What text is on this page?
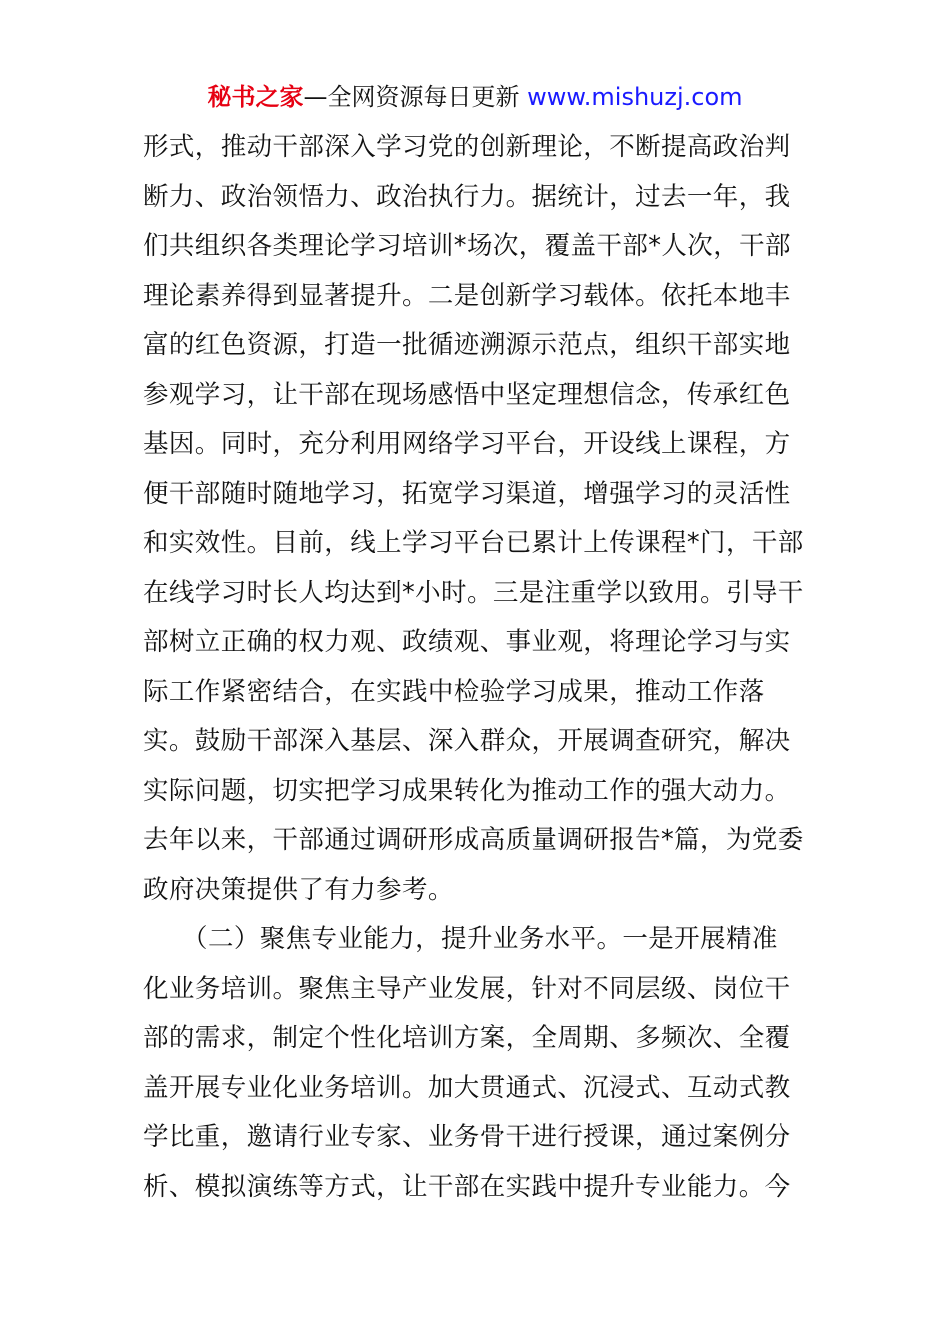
秘书之家—全网资源每日更新 www.mishuzj.com
形式，推动干部深入学习党的创新理论，不断提高政治判
断力、政治领悟力、政治执行力。据统计，过去一年，我
们共组织各类理论学习培训*场次，覆盖干部*人次，干部
理论素养得到显著提升。二是创新学习载体。依托本地丰
富的红色资源，打造一批循迹溯源示范点，组织干部实地
参观学习，让干部在现场感悟中坚定理想信念，传承红色
基因。同时，充分利用网络学习平台，开设线上课程，方
便干部随时随地学习，拓宽学习渠道，增强学习的灵活性
和实效性。目前，线上学习平台已累计上传课程*门，干部
在线学习时长人均达到*小时。三是注重学以致用。引导干
部树立正确的权力观、政绩观、事业观，将理论学习与实
际工作紧密结合，在实践中检验学习成果，推动工作落
实。鼓励干部深入基层、深入群众，开展调查研究，解决
实际问题，切实把学习成果转化为推动工作的强大动力。
去年以来，干部通过调研形成高质量调研报告*篇，为党委
政府决策提供了有力参考。
　　（二）聚焦专业能力，提升业务水平。一是开展精准
化业务培训。聚焦主导产业发展，针对不同层级、岗位干
部的需求，制定个性化培训方案，全周期、多频次、全覆
盖开展专业化业务培训。加大贯通式、沉浸式、互动式教
学比重，邀请行业专家、业务骨干进行授课，通过案例分
析、模拟演练等方式，让干部在实践中提升专业能力。今
